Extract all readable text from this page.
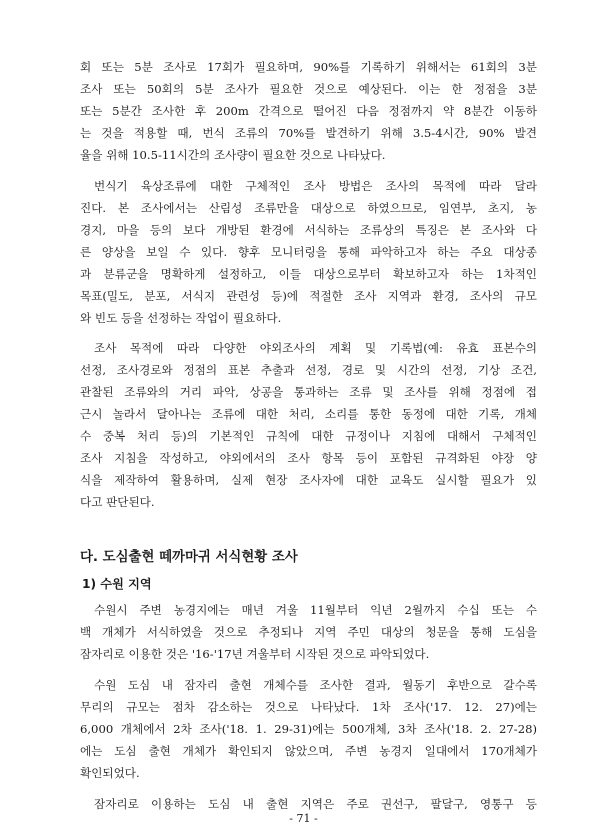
회 또는 5분 조사로 17회가 필요하며, 90%를 기록하기 위해서는 61회의 3분
조사 또는 50회의 5분 조사가 필요한 것으로 예상된다. 이는 한 정점을 3분
또는 5분간 조사한 후 200m 간격으로 떨어진 다음 정점까지 약 8분간 이동하
는 것을 적용할 때, 번식 조류의 70%를 발견하기 위해 3.5-4시간, 90% 발견
율을 위해 10.5-11시간의 조사량이 필요한 것으로 나타났다.
번식기 육상조류에 대한 구체적인 조사 방법은 조사의 목적에 따라 달라
진다. 본 조사에서는 산림성 조류만을 대상으로 하였으므로, 임연부, 초지, 농
경지, 마을 등의 보다 개방된 환경에 서식하는 조류상의 특징은 본 조사와 다
른 양상을 보일 수 있다. 향후 모니터링을 통해 파악하고자 하는 주요 대상종
과 분류군을 명확하게 설정하고, 이들 대상으로부터 확보하고자 하는 1차적인
목표(밀도, 분포, 서식지 관련성 등)에 적절한 조사 지역과 환경, 조사의 규모
와 빈도 등을 선정하는 작업이 필요하다.
조사 목적에 따라 다양한 야외조사의 계획 및 기록법(예: 유효 표본수의
선정, 조사경로와 정점의 표본 추출과 선정, 경로 및 시간의 선정, 기상 조건,
관찰된 조류와의 거리 파악, 상공을 통과하는 조류 및 조사를 위해 정점에 접
근시 놀라서 달아나는 조류에 대한 처리, 소리를 통한 동정에 대한 기록, 개체
수 중복 처리 등)의 기본적인 규칙에 대한 규정이나 지침에 대해서 구체적인
조사 지침을 작성하고, 야외에서의 조사 항목 등이 포함된 규격화된 야장 양
식을 제작하여 활용하며, 실제 현장 조사자에 대한 교육도 실시할 필요가 있
다고 판단된다.
다. 도심출현 떼까마귀 서식현황 조사
1) 수원 지역
수원시 주변 농경지에는 매년 겨울 11월부터 익년 2월까지 수십 또는 수
백 개체가 서식하였을 것으로 추정되나 지역 주민 대상의 청문을 통해 도심을
잠자리로 이용한 것은 '16-'17년 겨울부터 시작된 것으로 파악되었다.
수원 도심 내 잠자리 출현 개체수를 조사한 결과, 월동기 후반으로 갈수록
무리의 규모는 점차 감소하는 것으로 나타났다. 1차 조사('17. 12. 27)에는
6,000 개체에서 2차 조사('18. 1. 29-31)에는 500개체, 3차 조사('18. 2. 27-28)
에는 도심 출현 개체가 확인되지 않았으며, 주변 농경지 일대에서 170개체가
확인되었다.
잠자리로 이용하는 도심 내 출현 지역은 주로 권선구, 팔달구, 영통구 등
- 71 -
